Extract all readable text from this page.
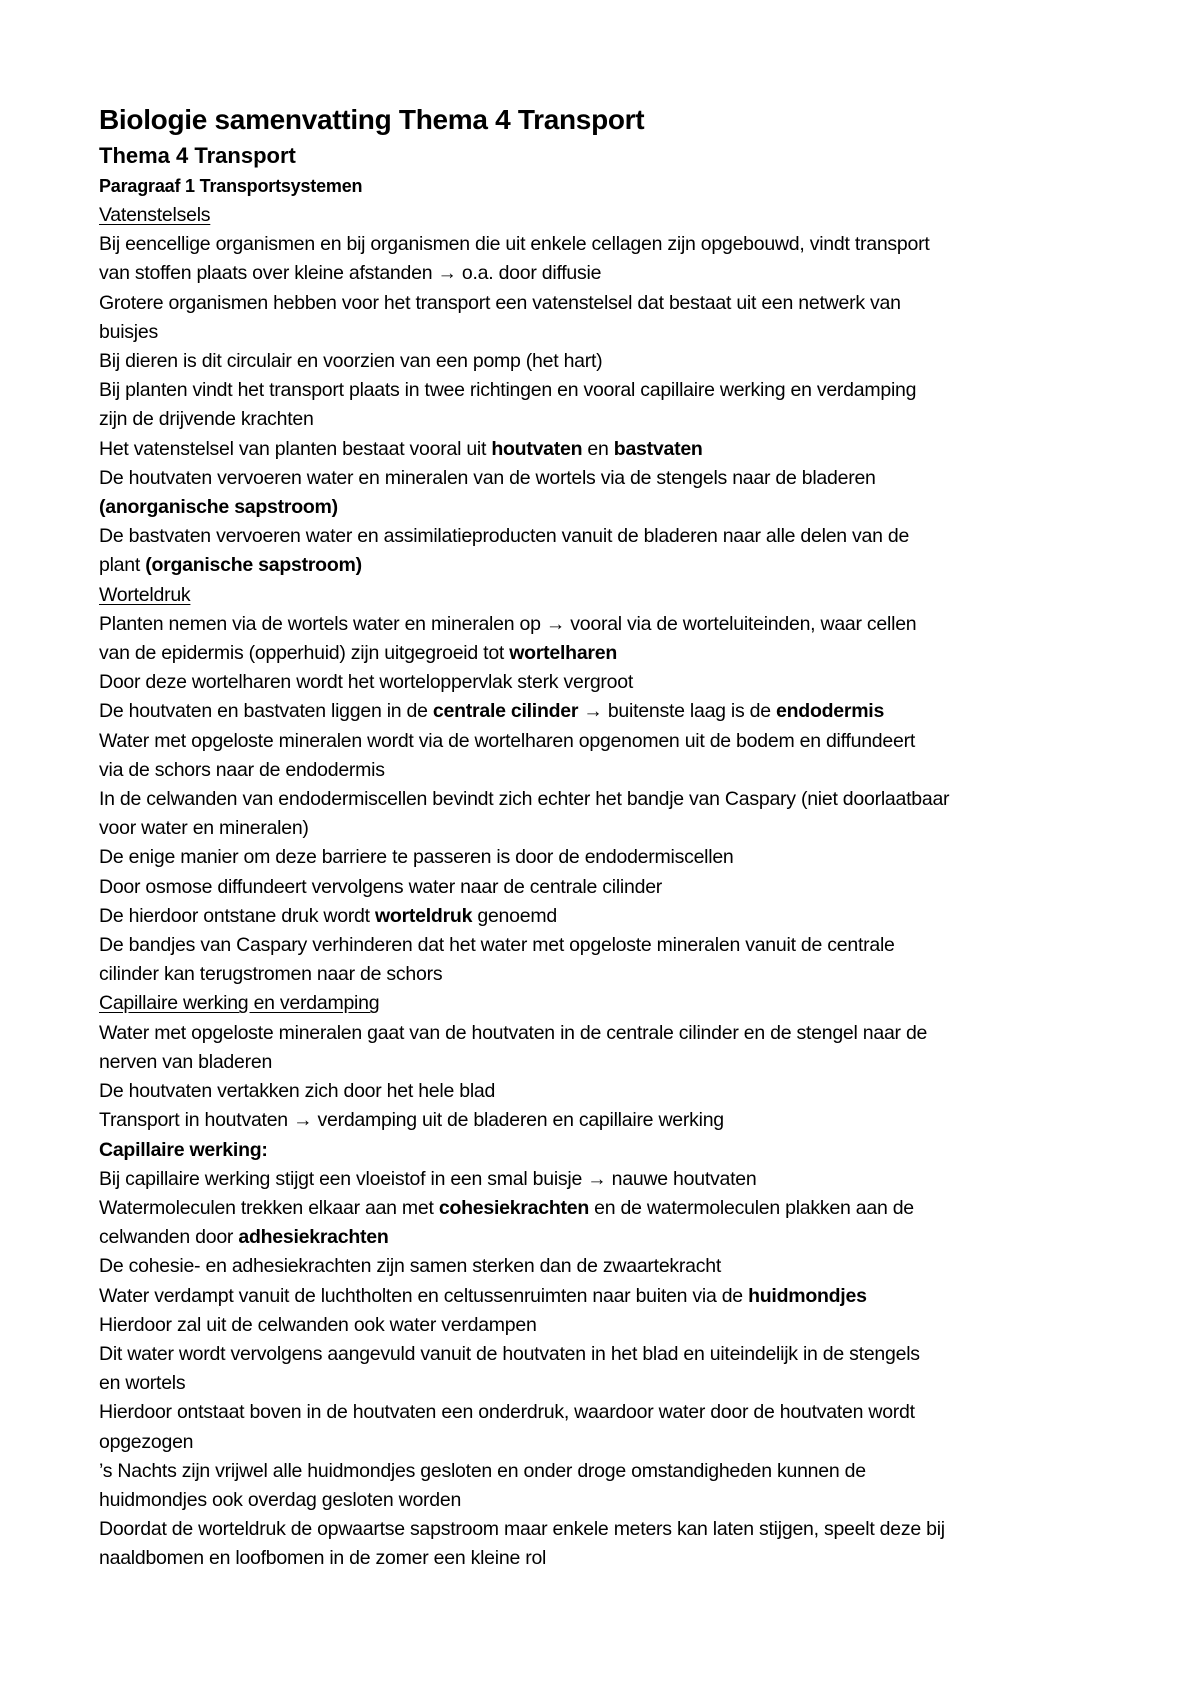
Biologie samenvatting Thema 4 Transport
Thema 4 Transport
Paragraaf 1 Transportsystemen

Vatenstelsels

Bij eencellige organismen en bij organismen die uit enkele cellagen zijn opgebouwd, vindt transport

van stoffen plaats over kleine afstanden → o.a. door diffusie

Grotere organismen hebben voor het transport een vatenstelsel dat bestaat uit een netwerk van

buisjes

Bij dieren is dit circulair en voorzien van een pomp (het hart)

Bij planten vindt het transport plaats in twee richtingen en vooral capillaire werking en verdamping

zijn de drijvende krachten

Het vatenstelsel van planten bestaat vooral uit houtvaten en bastvaten

De houtvaten vervoeren water en mineralen van de wortels via de stengels naar de bladeren

(anorganische sapstroom)

De bastvaten vervoeren water en assimilatieproducten vanuit de bladeren naar alle delen van de

plant (organische sapstroom)

Worteldruk

Planten nemen via de wortels water en mineralen op → vooral via de worteluiteinden, waar cellen

van de epidermis (opperhuid) zijn uitgegroeid tot wortelharen

Door deze wortelharen wordt het worteloppervlak sterk vergroot

De houtvaten en bastvaten liggen in de centrale cilinder → buitenste laag is de endodermis

Water met opgeloste mineralen wordt via de wortelharen opgenomen uit de bodem en diffundeert

via de schors naar de endodermis

In de celwanden van endodermiscellen bevindt zich echter het bandje van Caspary (niet doorlaatbaar

voor water en mineralen)

De enige manier om deze barriere te passeren is door de endodermiscellen

Door osmose diffundeert vervolgens water naar de centrale cilinder

De hierdoor ontstane druk wordt worteldruk genoemd

De bandjes van Caspary verhinderen dat het water met opgeloste mineralen vanuit de centrale

cilinder kan terugstromen naar de schors

Capillaire werking en verdamping

Water met opgeloste mineralen gaat van de houtvaten in de centrale cilinder en de stengel naar de

nerven van bladeren

De houtvaten vertakken zich door het hele blad

Transport in houtvaten → verdamping uit de bladeren en capillaire werking

Capillaire werking:

Bij capillaire werking stijgt een vloeistof in een smal buisje → nauwe houtvaten

Watermoleculen trekken elkaar aan met cohesiekrachten en de watermoleculen plakken aan de

celwanden door adhesiekrachten

De cohesie- en adhesiekrachten zijn samen sterken dan de zwaartekracht

Water verdampt vanuit de luchtholten en celtussenruimten naar buiten via de huidmondjes

Hierdoor zal uit de celwanden ook water verdampen

Dit water wordt vervolgens aangevuld vanuit de houtvaten in het blad en uiteindelijk in de stengels

en wortels

Hierdoor ontstaat boven in de houtvaten een onderdruk, waardoor water door de houtvaten wordt

opgezogen

’s Nachts zijn vrijwel alle huidmondjes gesloten en onder droge omstandigheden kunnen de

huidmondjes ook overdag gesloten worden

Doordat de worteldruk de opwaartse sapstroom maar enkele meters kan laten stijgen, speelt deze bij

naaldbomen en loofbomen in de zomer een kleine rol
